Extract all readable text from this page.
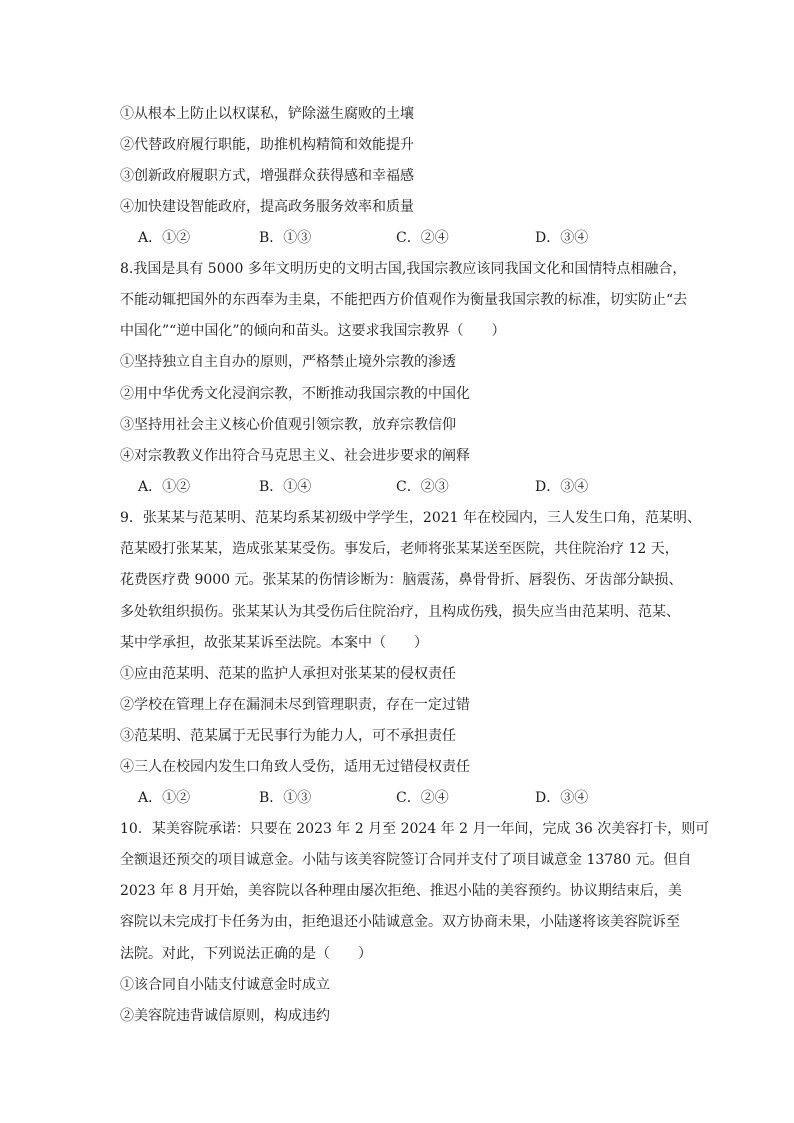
①从根本上防止以权谋私，铲除滋生腐败的土壤
②代替政府履行职能，助推机构精简和效能提升
③创新政府履职方式，增强群众获得感和幸福感
④加快建设智能政府，提高政务服务效率和质量
A．①②	B．①③	C．②④	D．③④
8.我国是具有 5000 多年文明历史的文明古国,我国宗教应该同我国文化和国情特点相融合，
不能动辄把国外的东西奉为圭臬，不能把西方价值观作为衡量我国宗教的标准，切实防止“去
中国化”“逆中国化”的倾向和苗头。这要求我国宗教界（　　）
①坚持独立自主自办的原则，严格禁止境外宗教的渗透
②用中华优秀文化浸润宗教，不断推动我国宗教的中国化
③坚持用社会主义核心价值观引领宗教，放弃宗教信仰
④对宗教教义作出符合马克思主义、社会进步要求的阐释
A．①②	B．①④	C．②③	D．③④
9．张某某与范某明、范某均系某初级中学学生，2021 年在校园内，三人发生口角，范某明、
范某殴打张某某，造成张某某受伤。事发后，老师将张某某送至医院，共住院治疗 12 天，
花费医疗费 9000 元。张某某的伤情诊断为：脑震荡，鼻骨骨折、唇裂伤、牙齿部分缺损、
多处软组织损伤。张某某认为其受伤后住院治疗，且构成伤残，损失应当由范某明、范某、
某中学承担，故张某某诉至法院。本案中（　　）
①应由范某明、范某的监护人承担对张某某的侵权责任
②学校在管理上存在漏洞未尽到管理职责，存在一定过错
③范某明、范某属于无民事行为能力人，可不承担责任
④三人在校园内发生口角致人受伤，适用无过错侵权责任
A．①②	B．①③	C．②④	D．③④
10．某美容院承诺：只要在 2023 年 2 月至 2024 年 2 月一年间，完成 36 次美容打卡，则可
全额退还预交的项目诚意金。小陆与该美容院签订合同并支付了项目诚意金 13780 元。但自
2023 年 8 月开始，美容院以各种理由屡次拒绝、推迟小陆的美容预约。协议期结束后，美
容院以未完成打卡任务为由，拒绝退还小陆诚意金。双方协商未果，小陆遂将该美容院诉至
法院。对此，下列说法正确的是（　　）
①该合同自小陆支付诚意金时成立
②美容院违背诚信原则，构成违约
